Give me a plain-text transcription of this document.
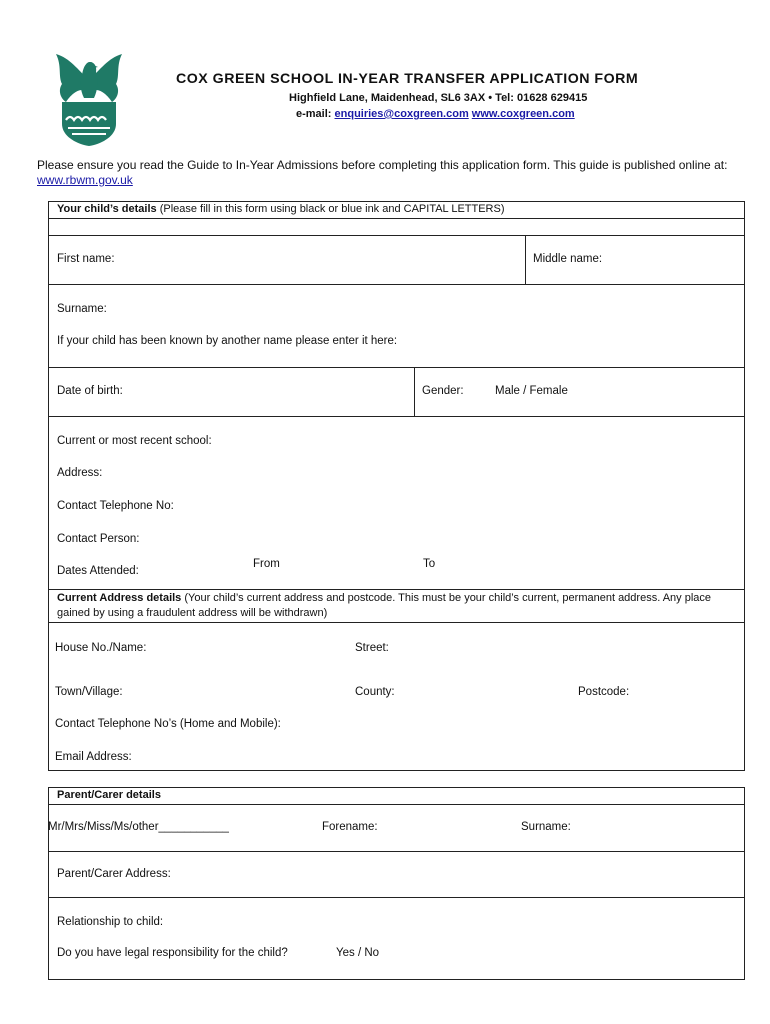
COX GREEN SCHOOL IN-YEAR TRANSFER APPLICATION FORM
Highfield Lane, Maidenhead, SL6 3AX • Tel: 01628 629415
e-mail: enquiries@coxgreen.com www.coxgreen.com
Please ensure you read the Guide to In-Year Admissions before completing this application form. This guide is published online at: www.rbwm.gov.uk
Your child’s details (Please fill in this form using black or blue ink and CAPITAL LETTERS)
First name:	Middle name:
Surname:
If your child has been known by another name please enter it here:
Date of birth:	Gender:	Male / Female
Current or most recent school:
Address:
Contact Telephone No:
Contact Person:
From	To
Dates Attended:
Current Address details (Your child’s current address and postcode. This must be your child’s current, permanent address. Any place gained by using a fraudulent address will be withdrawn)
House No./Name:	Street:
Town/Village:	County:	Postcode:
Contact Telephone No’s (Home and Mobile):
Email Address:
Parent/Carer details
Mr/Mrs/Miss/Ms/other___________	Forename:	Surname:
Parent/Carer Address:
Relationship to child:
Do you have legal responsibility for the child?	Yes / No
